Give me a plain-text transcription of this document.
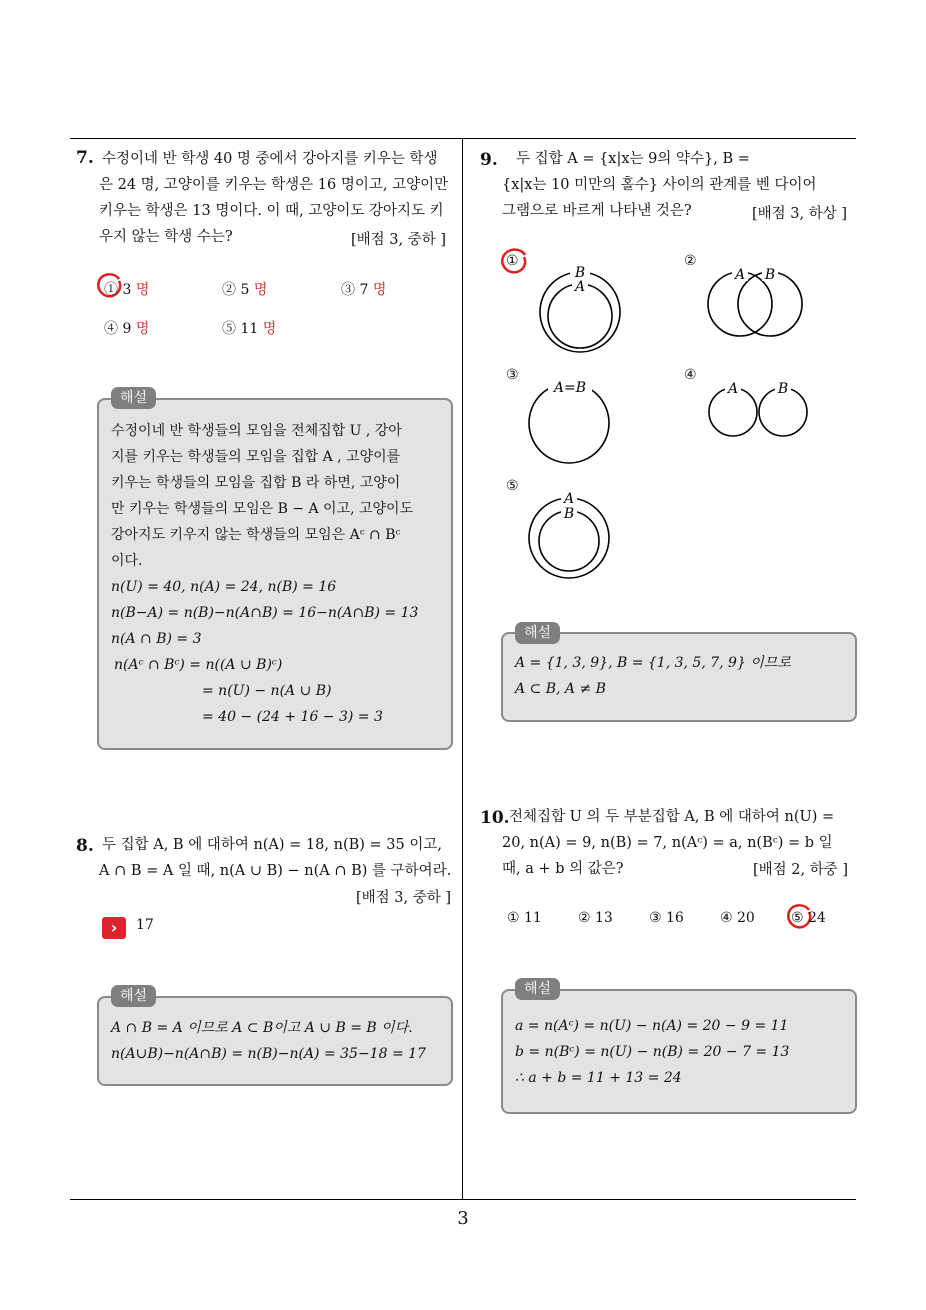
7. 수정이네 반 학생 40 명 중에서 강아지를 키우는 학생
은 24 명, 고양이를 키우는 학생은 16 명이고, 고양이만
키우는 학생은 13 명이다. 이 때, 고양이도 강아지도 키
우지 않는 학생 수는?	[배점 3, 중하 ]
① 3 명	② 5 명	③ 7 명
④ 9 명	⑤ 11 명
해설
수정이네 반 학생들의 모임을 전체집합 U , 강아
지를 키우는 학생들의 모임을 집합 A , 고양이를
키우는 학생들의 모임을 집합 B 라 하면, 고양이
만 키우는 학생들의 모임은 B − A 이고, 고양이도
강아지도 키우지 않는 학생들의 모임은 Aᶜ ∩ Bᶜ
이다.
n(U) = 40, n(A) = 24, n(B) = 16
n(B−A) = n(B)−n(A∩B) = 16−n(A∩B) = 13
n(A ∩ B) = 3
n(Aᶜ ∩ Bᶜ) = n((A ∪ B)ᶜ)
= n(U) − n(A ∪ B)
= 40 − (24 + 16 − 3) = 3
8. 두 집합 A, B 에 대하여 n(A) = 18, n(B) = 35 이고,
A ∩ B = A 일 때, n(A ∪ B) − n(A ∩ B) 를 구하여라.
[배점 3, 중하 ]
›	17
해설
A ∩ B = A 이므로 A ⊂ B이고 A ∪ B = B 이다.
n(A∪B)−n(A∩B) = n(B)−n(A) = 35−18 = 17
9. 두 집합 A = {x|x는 9의 약수}, B =
{x|x는 10 미만의 홀수} 사이의 관계를 벤 다이어
그램으로 바르게 나타낸 것은?	[배점 3, 하상 ]
①
B
A
②
A B
③
A=B
④
A	B
⑤
A
B
해설
A = {1, 3, 9}, B = {1, 3, 5, 7, 9} 이므로
A ⊂ B, A ≠ B
10. 전체집합 U 의 두 부분집합 A, B 에 대하여 n(U) =
20, n(A) = 9, n(B) = 7, n(Aᶜ) = a, n(Bᶜ) = b 일
때, a + b 의 값은?	[배점 2, 하중 ]
① 11	② 13	③ 16	④ 20	⑤ 24
해설
a = n(Aᶜ) = n(U) − n(A) = 20 − 9 = 11
b = n(Bᶜ) = n(U) − n(B) = 20 − 7 = 13
∴ a + b = 11 + 13 = 24
3
